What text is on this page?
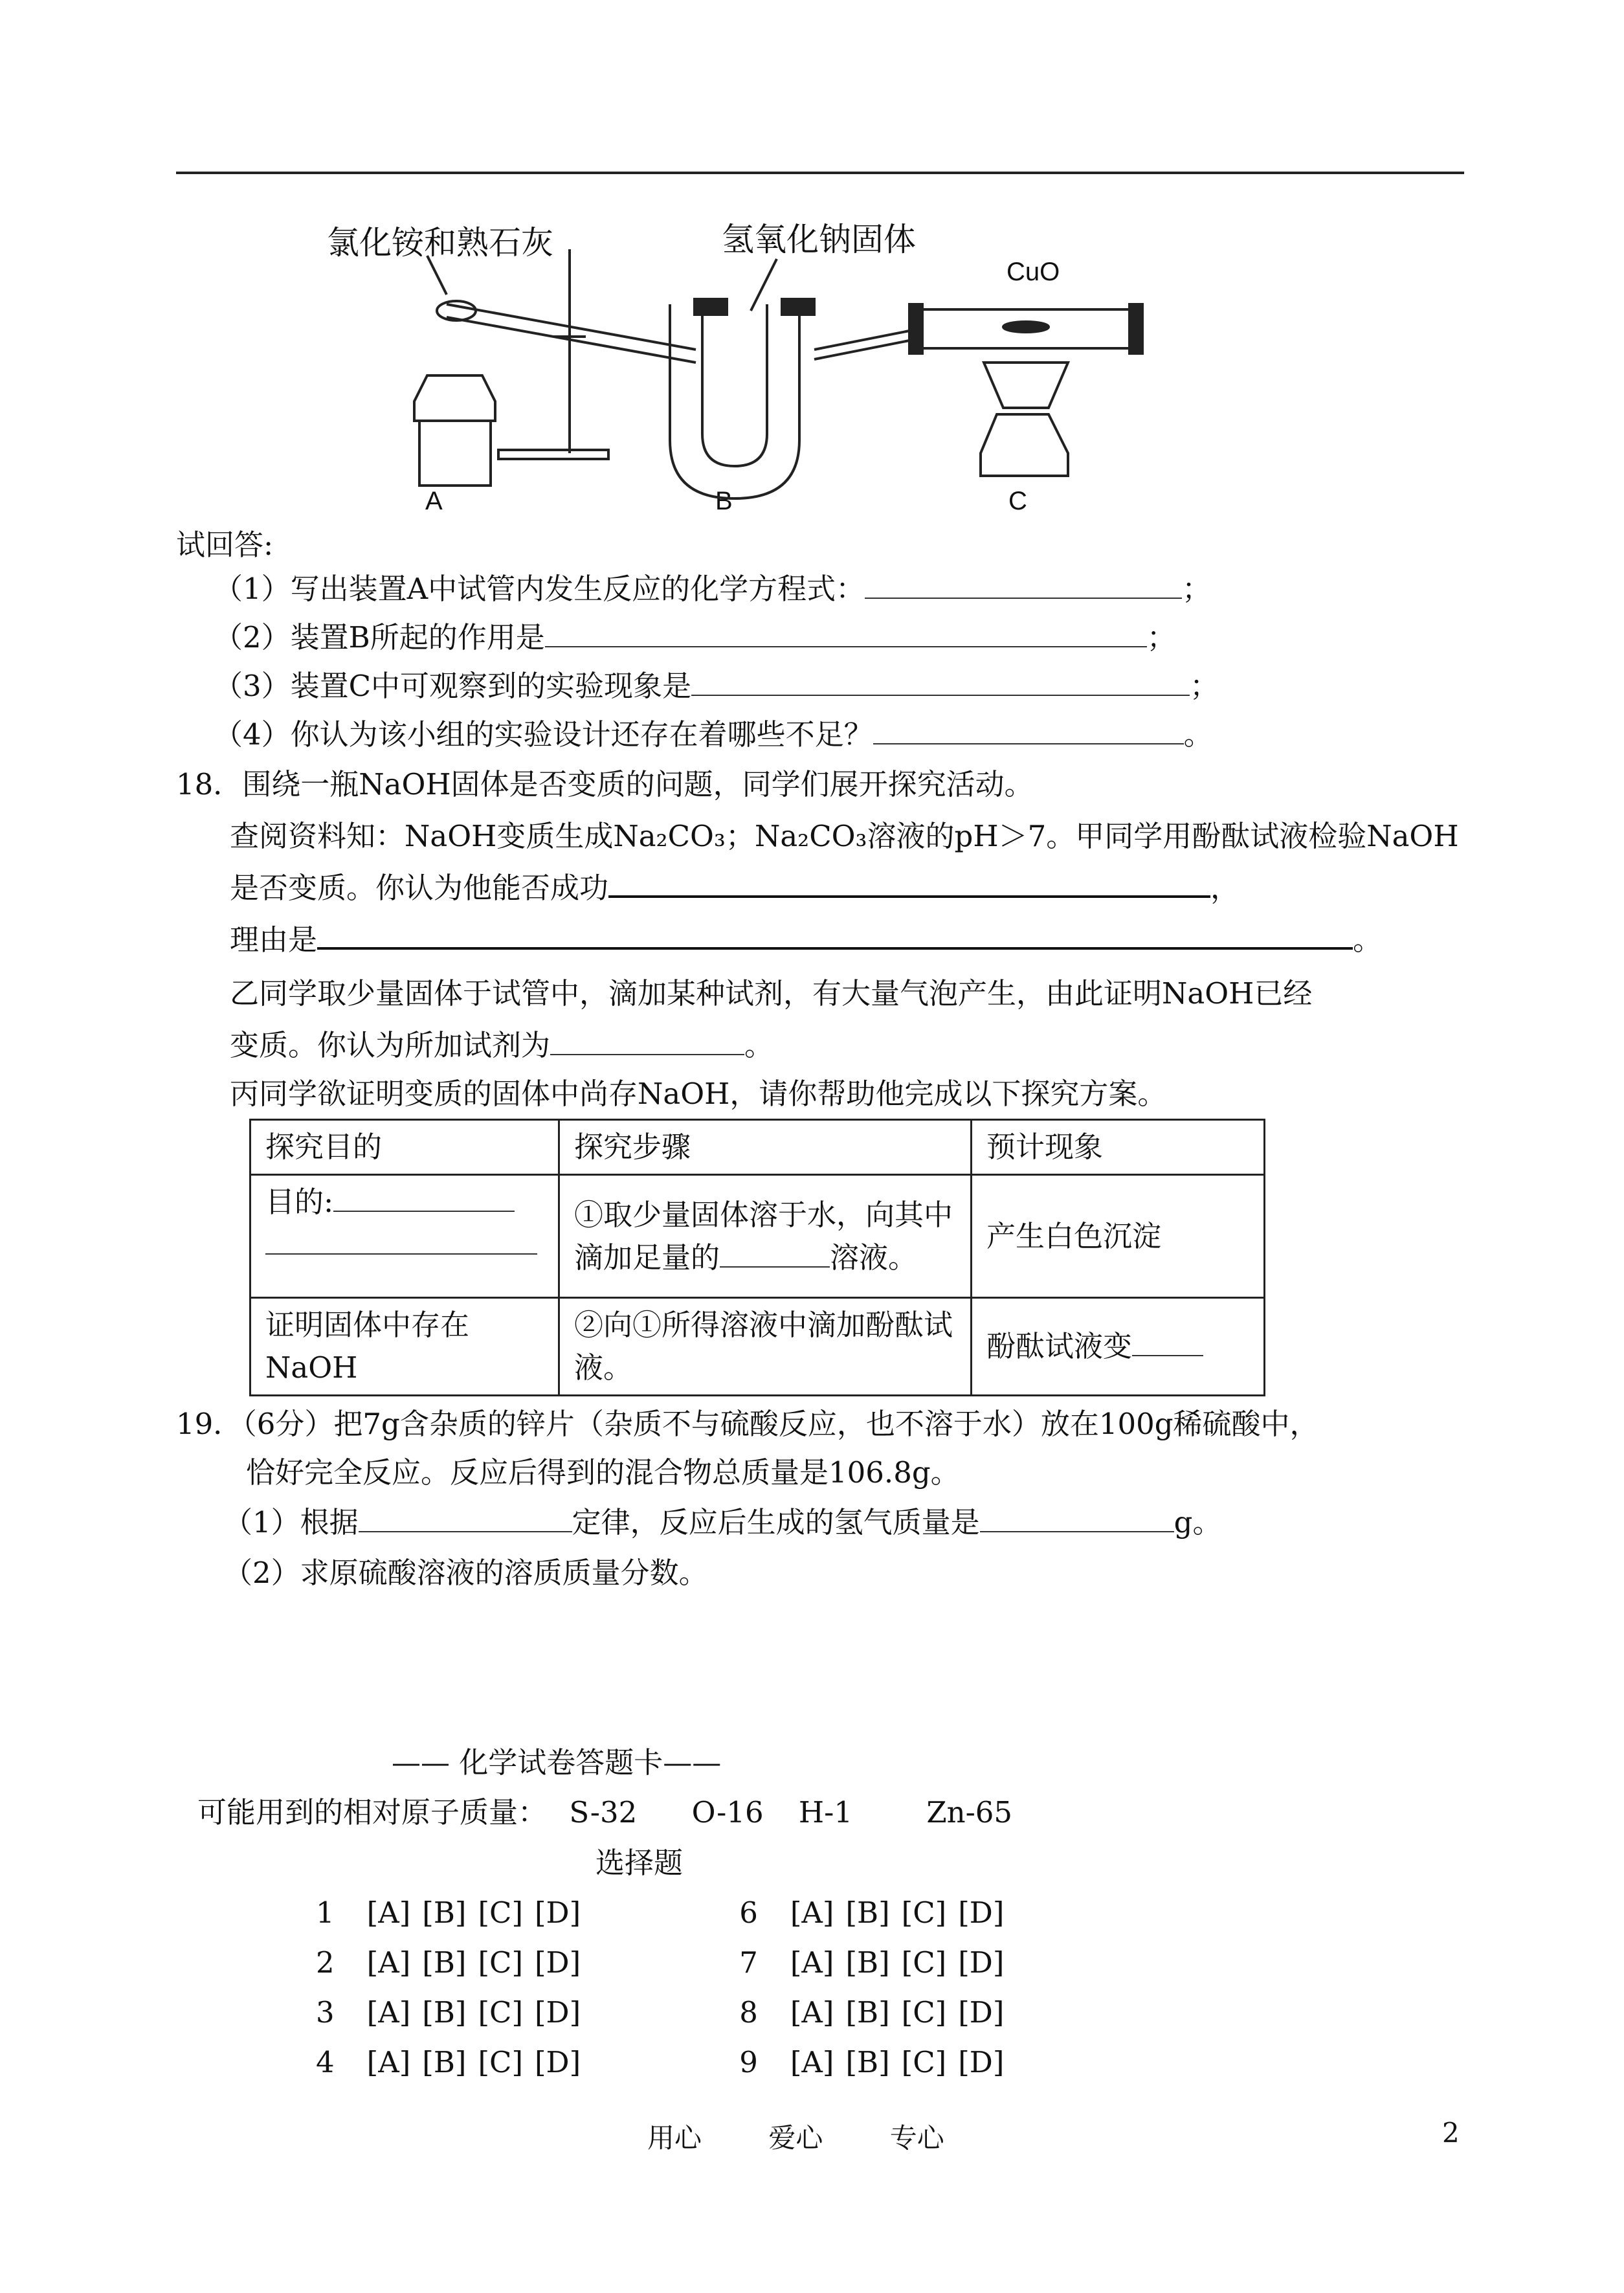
氯化铵和熟石灰	氢氧化钠固体
CuO
A	B	C
试回答:
（1）写出装置A中试管内发生反应的化学方程式：	；
（2）装置B所起的作用是	；
（3）装置C中可观察到的实验现象是	；
（4）你认为该小组的实验设计还存在着哪些不足？	。
18．围绕一瓶NaOH固体是否变质的问题，同学们展开探究活动。
查阅资料知：NaOH变质生成Na₂CO₃；Na₂CO₃溶液的pH＞7。甲同学用酚酞试液检验NaOH
是否变质。你认为他能否成功	，
理由是	。
乙同学取少量固体于试管中，滴加某种试剂，有大量气泡产生，由此证明NaOH已经
变质。你认为所加试剂为	。
丙同学欲证明变质的固体中尚存NaOH，请你帮助他完成以下探究方案。
探究目的	探究步骤	预计现象
目的:	①取少量固体溶于水，向其中滴加足量的 溶液。	产生白色沉淀
证明固体中存在NaOH	②向①所得溶液中滴加酚酞试液。	酚酞试液变
19．（6分）把7g含杂质的锌片（杂质不与硫酸反应，也不溶于水）放在100g稀硫酸中，
恰好完全反应。反应后得到的混合物总质量是106.8g。
（1）根据	定律，反应后生成的氢气质量是	g。
（2）求原硫酸溶液的溶质质量分数。
—— 化学试卷答题卡——
可能用到的相对原子质量： S-32 O-16 H-1	Zn-65
选择题
1 [A] [B] [C] [D]	6 [A] [B] [C] [D]
2 [A] [B] [C] [D]	7 [A] [B] [C] [D]
3 [A] [B] [C] [D]	8 [A] [B] [C] [D]
4 [A] [B] [C] [D]	9 [A] [B] [C] [D]
用心 爱心 专心	2
